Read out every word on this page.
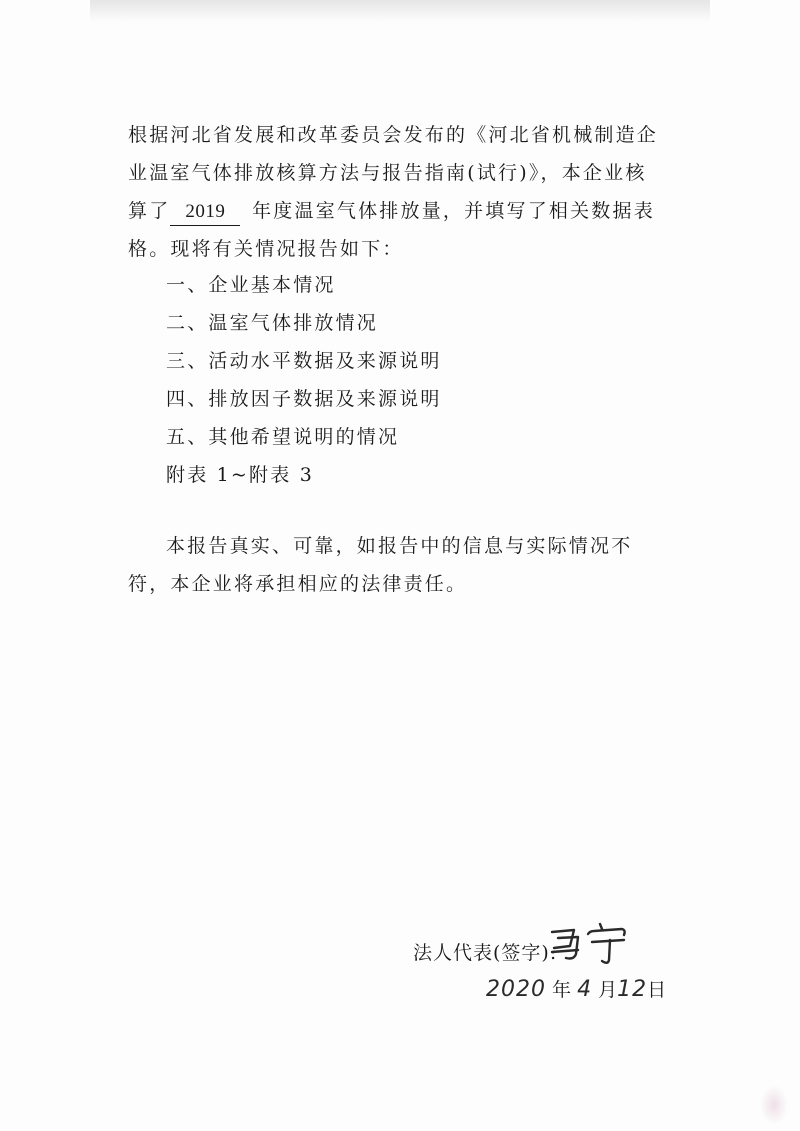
根据河北省发展和改革委员会发布的《河北省机械制造企业温室气体排放核算方法与报告指南(试行)》，本企业核算了 2019  年度温室气体排放量，并填写了相关数据表格。现将有关情况报告如下：

一、企业基本情况
二、温室气体排放情况
三、活动水平数据及来源说明
四、排放因子数据及来源说明
五、其他希望说明的情况
附表 1~附表 3

本报告真实、可靠，如报告中的信息与实际情况不符，本企业将承担相应的法律责任。

法人代表(签字):
2020 年 4 月12日
